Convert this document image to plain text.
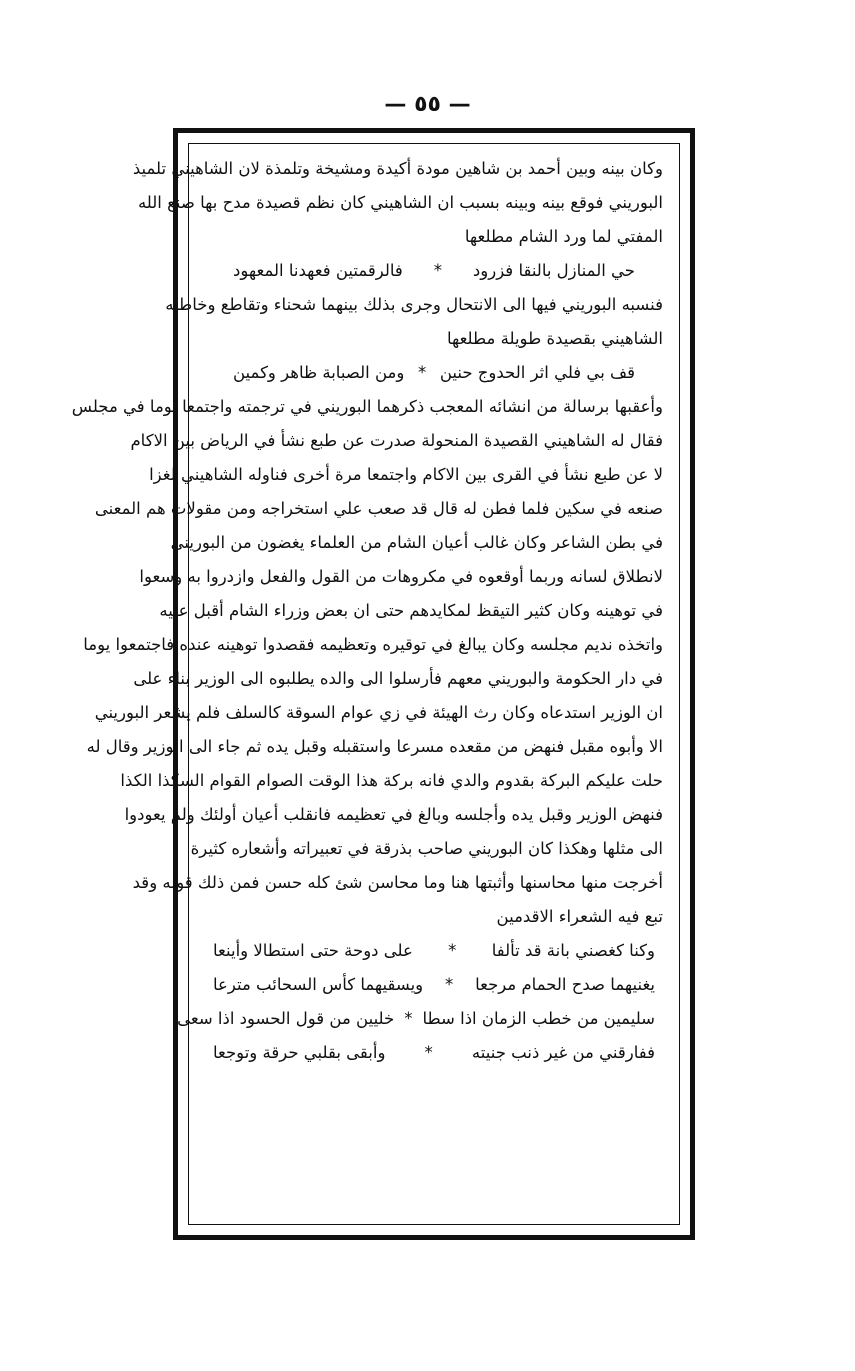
— ٥٥ —
وكان بينه وبين أحمد بن شاهين مودة أكيدة ومشيخة وتلمذة لان الشاهيني تلميذ
البوريني فوقع بينه وبينه بسبب ان الشاهيني كان نظم قصيدة مدح بها صنع الله
المفتي لما ورد الشام مطلعها
حي المنازل بالنقا فزرود
*
فالرقمتين فعهدنا المعهود
فنسبه البوريني فيها الى الانتحال وجرى بذلك بينهما شحناء وتقاطع وخاطبه
الشاهيني بقصيدة طويلة مطلعها
قف بي فلي اثر الحدوج حنين
*
ومن الصبابة ظاهر وكمين
وأعقبها برسالة من انشائه المعجب ذكرهما البوريني في ترجمته واجتمعا يوما في مجلس
فقال له الشاهيني القصيدة المنحولة صدرت عن طبع نشأ في الرياض بين الاكام
لا عن طبع نشأ في القرى بين الاكام واجتمعا مرة أخرى فناوله الشاهيني لغزا
صنعه في سكين فلما فطن له قال قد صعب علي استخراجه ومن مقولات هم المعنى
في بطن الشاعر وكان غالب أعيان الشام من العلماء يغضون من البوريني
لانطلاق لسانه وربما أوقعوه في مكروهات من القول والفعل وازدروا به وسعوا
في توهينه وكان كثير التيقظ لمكايدهم حتى ان بعض وزراء الشام أقبل عليه
واتخذه نديم مجلسه وكان يبالغ في توقيره وتعظيمه فقصدوا توهينه عنده فاجتمعوا يوما
في دار الحكومة والبوريني معهم فأرسلوا الى والده يطلبوه الى الوزير بناء على
ان الوزير استدعاه وكان رث الهيئة في زي عوام السوقة كالسلف فلم يشعر البوريني
الا وأبوه مقبل فنهض من مقعده مسرعا واستقبله وقبل يده ثم جاء الى الوزير وقال له
حلت عليكم البركة بقدوم والدي فانه بركة هذا الوقت الصوام القوام السكذا الكذا
فنهض الوزير وقبل يده وأجلسه وبالغ في تعظيمه فانقلب أعيان أولئك ولم يعودوا
الى مثلها وهكذا كان البوريني صاحب بذرقة في تعبيراته وأشعاره كثيرة
أخرجت منها محاسنها وأثبتها هنا وما محاسن شئ كله حسن فمن ذلك قوله وقد
تبع فيه الشعراء الاقدمين
وكنا كغصني بانة قد تألفا
*
على دوحة حتى استطالا وأينعا
يغنيهما صدح الحمام مرجعا
*
ويسقيهما كأس السحائب مترعا
سليمين من خطب الزمان اذا سطا
*
خليين من قول الحسود اذا سعى
ففارقني من غير ذنب جنيته
*
وأبقى بقلبي حرقة وتوجعا
